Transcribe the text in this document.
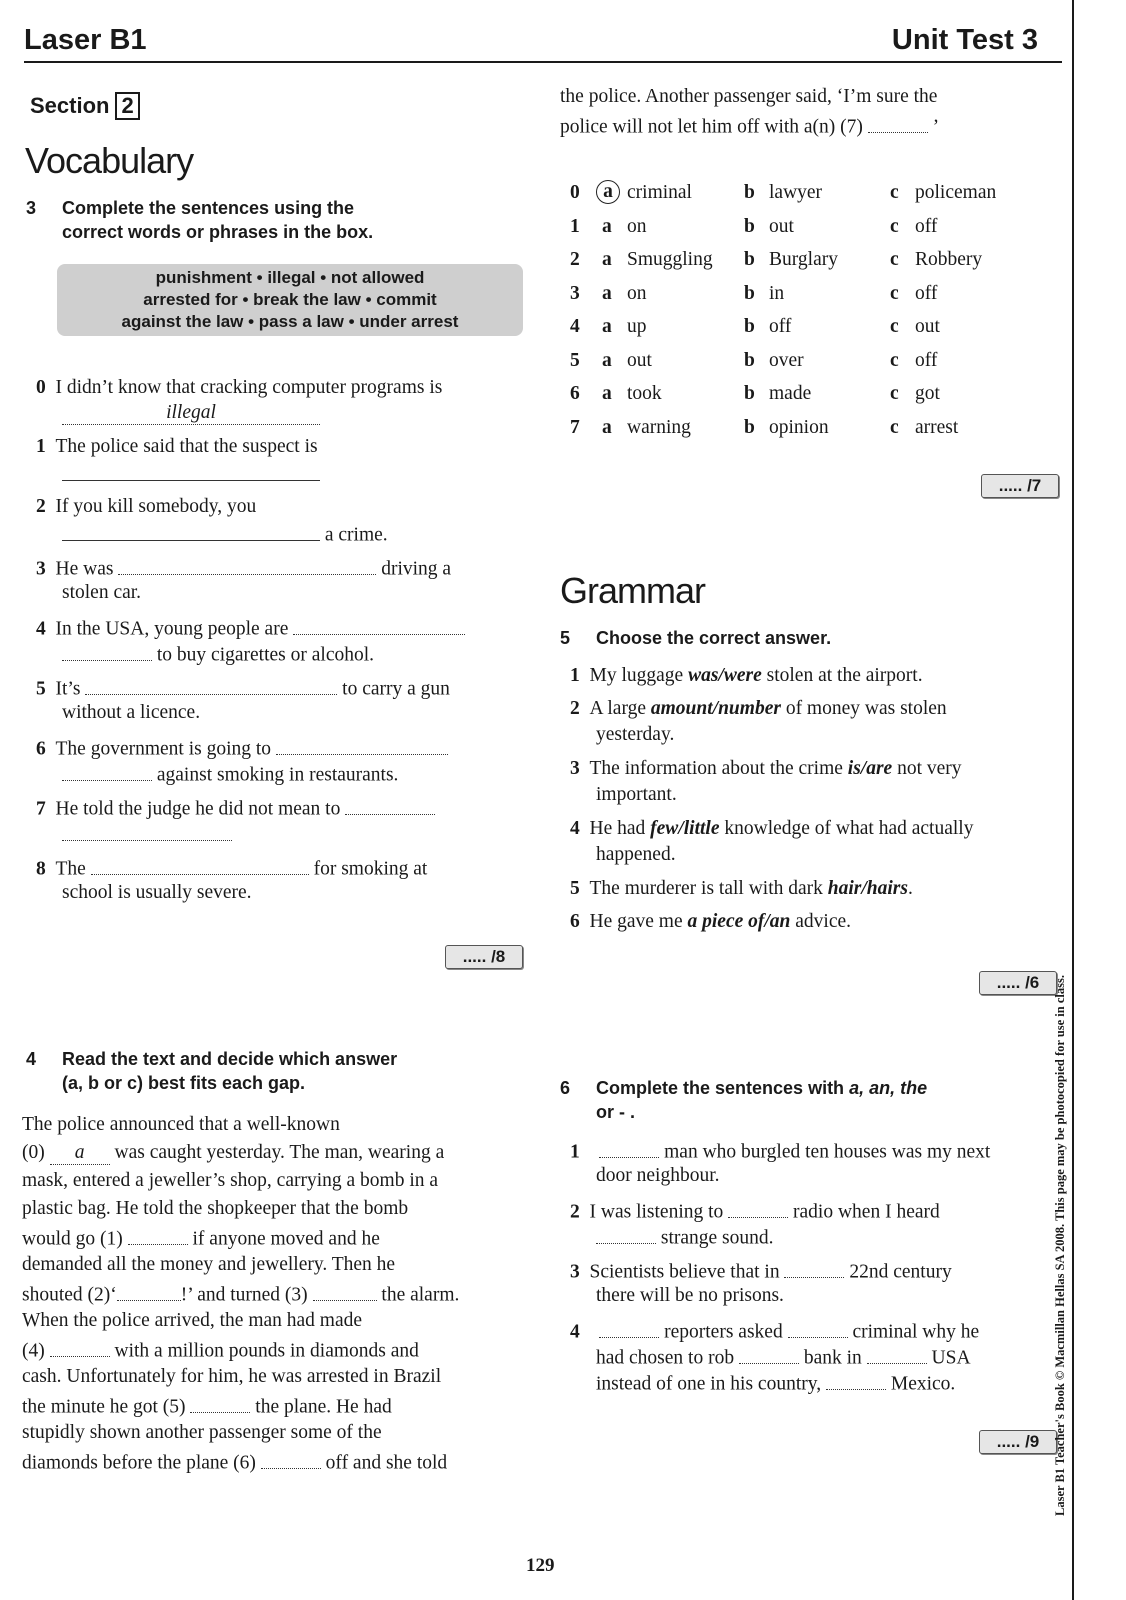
Laser B1	Unit Test 3
Section 2
Vocabulary
3 Complete the sentences using the
correct words or phrases in the box.
punishment • illegal • not allowed
arrested for • break the law • commit
against the law • pass a law • under arrest
0 I didn’t know that cracking computer programs is
illegal
1 The police said that the suspect is
2 If you kill somebody, you
a crime.
3 He was	driving a
stolen car.
4 In the USA, young people are
to buy cigarettes or alcohol.
5 It’s	to carry a gun
without a licence.
6 The government is going to
against smoking in restaurants.
7 He told the judge he did not mean to
8 The	for smoking at
school is usually severe.
..... /8
4 Read the text and decide which answer
(a, b or c) best fits each gap.
The police announced that a well-known
(0) a was caught yesterday. The man, wearing a
mask, entered a jeweller’s shop, carrying a bomb in a
plastic bag. He told the shopkeeper that the bomb
would go (1)	if anyone moved and he
demanded all the money and jewellery. Then he
shouted (2)‘	!’ and turned (3)	the alarm.
When the police arrived, the man had made
(4)	with a million pounds in diamonds and
cash. Unfortunately for him, he was arrested in Brazil
the minute he got (5)	the plane. He had
stupidly shown another passenger some of the
diamonds before the plane (6)	off and she told
the police. Another passenger said, ‘I’m sure the
police will not let him off with a(n) (7)	’
0	a criminal	b lawyer	c policeman
1 a on	b out	c off
2 a Smuggling b Burglary	c Robbery
3 a on	b in	c off
4 a up	b off	c out
5 a out	b over	c off
6 a took	b made	c got
7 a warning	b opinion	c arrest
..... /7
Grammar
5 Choose the correct answer.
1 My luggage was/were stolen at the airport.
2 A large amount/number of money was stolen
yesterday.
3 The information about the crime is/are not very
important.
4 He had few/little knowledge of what had actually
happened.
5 The murderer is tall with dark hair/hairs.
6 He gave me a piece of/an advice.
..... /6
6 Complete the sentences with a, an, the
or - .
1	man who burgled ten houses was my next
door neighbour.
2 I was listening to	radio when I heard
strange sound.
3 Scientists believe that in	22nd century
there will be no prisons.
4	reporters asked	criminal why he
had chosen to rob	bank in	USA
instead of one in his country,	Mexico.
..... /9	Laser B1 Teacher's Book © Macmillan Hellas SA 2008. This page may be photocopied for use in class.
129
